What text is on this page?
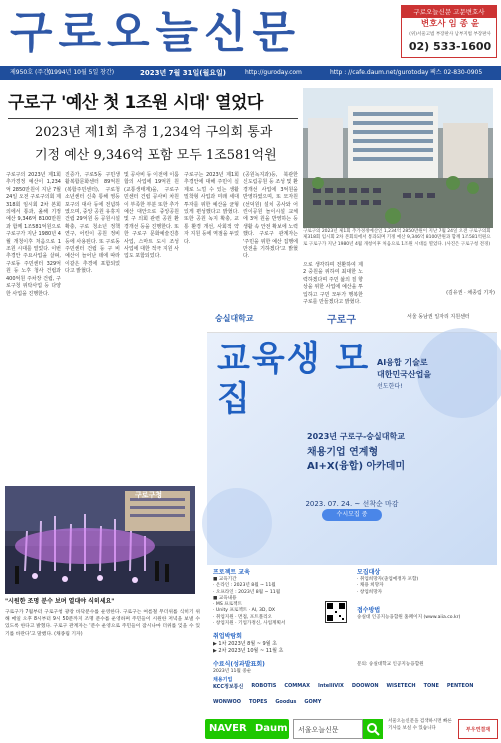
구로오늘신문	구로오늘신문 고문변호사
변호사 임 종 윤
(위)서울고법 부장판사 남부지법 부장판사
02) 533-1600
제950호 (주간)
(1994년 10월 5일 창간)	2023년 7월 31일(월요일)	http://guroday.com	http : //cafe.daum.net/gurotoday 팩스 02-830-0905
구로구 '예산 첫 1조원 시대' 열었다
2023년 제1회 추경 1,234억 구의회 통과
기정 예산 9,346억 포함 모두 1조581억원
구로구의 2023년 제1회 추가경정 예산이 1,234억 2850만원이 지난 7월 24일 오전 구로구의회 제318회 임시회 2차 본회의에서 통과, 올해 기정 예산 9,346억 8100만원과 함께 1조581억원으로 구로구가 지난 1980년 4월 개청이후 처음으로 1조원 시대를 열었다. 이번 추경안 주요사업을 살펴, 구로동 주민센터 329억원 등 노후 청사 건립과 400억원 주차장 건립, 구로구청 위탁사업 등 다양한 사업을 진행한다.
진증가, 구로5동 구민생활복합문화센터 89억원(복합주민센터), 구로청소년센터 신축 통해 영등포구의 대사 등에 전념하였으며, 중앙 공원 유휴지 건립 29억원 등 공원시설 확충, 구로 청소년 정책 연구, 어린이 공원 정비 등에 사용된다. 또 구로동 주민센터 건립 등 구 비 예산이 늘어난 데에 따라 이같은 추경에 포함되었다고 밝혔다.
및 공사비 등 이전에 이룸 합의 사업에 19억원 원(교통생태계)을, 구로구민센터 건립 공사비 차원이 부족한 부분 또한 추가 예산 대안으로 중앙공원 및 구 의회 관련 공원 환경개선 등을 진행한다. 또한 구로구 문화예술진흥 사업, 스마트 도시 조성 사업에 대한 적극 지원 사업도 포함되었다.
구로구는 2023년 제1회 추경안에 대해 주민이 실제로 느낄 수 있는 생활 밀착형 사업과 미래 세대 투자를 위한 예산을 균형 있게 편성했다고 밝혔다. 또한 공원 녹지 확충, 교통 환경 개선, 사회적 약자 지원 등에 역점을 두었다.
(공원녹지과)등, 북관한 신도림공원 등 조성 및 환경개선 사업에 3억원을 반영하였으며, 또 모자원(선덕원) 설치 공사와 어린이공원 놀이시설 교체에 3억 원을 반영하는 등 생활 속 안전 확보에 노력했다. 구로구 관계자는 '주민을 위한 예산 집행에 만전을 기하겠다'고 밝혔다.
으로 생각하며 전환하여 제2 중원을 위하여 최대한 노력하겠다며 주민 삶의 질 향상을 위한 사업에 예산을 투입하고 구민 모두가 행복한 구로를 만들겠다고 밝혔다.
(김유권 · 채종림 기자)
구로구의 2023년 제1회 추가경정예산인 1,234억 2850만원이 지난 7월 24일 오전 구로구의회 제318회 임시회 2차 본회의에서 통과되며 기정 예산 9,346억 8100만원과 함께 1조581억원으로 구로구가 지난 1980년 4월 개청이후 처음으로 1조원 시대를 열었다. (사진은 구로구청 전경)
구로구청
"시원한 조명 분수 보며 열대야 식히세요"
구로구가 7월부터 구로구청 광장 바닥분수를 운영한다. 구로구는 여름철 무더위를 식히기 위해 매일 오후 8시부터 9시 50분까지 조명 분수를 운영하며 주민들이 시원한 저녁을 보낼 수 있도록 한다고 밝혔다. 구로구 관계자는 '분수 운영으로 주민들이 잠시나마 더위를 잊을 수 있기를 바란다'고 말했다. (채종림 기자)
숭실대학교	구로구	서울 동남권 일자리 지원센터
교육생 모집
AI융합 기술로
대한민국산업을
선도한다!
2023년 구로구-숭실대학교
채용기업 연계형
AI+X(융합) 아카데미
2023. 07. 24. ~ 선착순 마감
수시모집 중
프로젝트 교육
■ 교육기간
· 온라인 : 2023년 8월 ~ 11월
· 오프라인 : 2023년 8월 ~ 11월
■ 교육내용
· MS 프로젝트
· Unity 프로젝트 · AI, 3D, DX
· 취업지원 · 면접, 포트폴리오
· 창업지원 · 기업가정신, 사업계획서
모집대상
· 취업희망자(졸업예정자 포함)
· 채용 희망자
· 창업희망자
접수방법
숭실대 인공지능융합원 홈페이지 (www.aiia.co.kr)
취업박람회
▶ 1차 2023년 8월 ~ 9월 초
▶ 2차 2023년 10월 ~ 11월 초
수료식(성과발표회)
2023년 11월 중순
문의: 숭실대학교 인공지능융합원
채용기업
KCC정보통신 ROBOTIS COMMAX IntelliVIX DOOWON WISETECH TONE PENTEON
WONWOO TOPES Goodus GOMY
NAVER Daum 서울오늘신문
서울오늘신문을 검색하시면 빠른 기사를 보실 수 있습니다	부우연결재
